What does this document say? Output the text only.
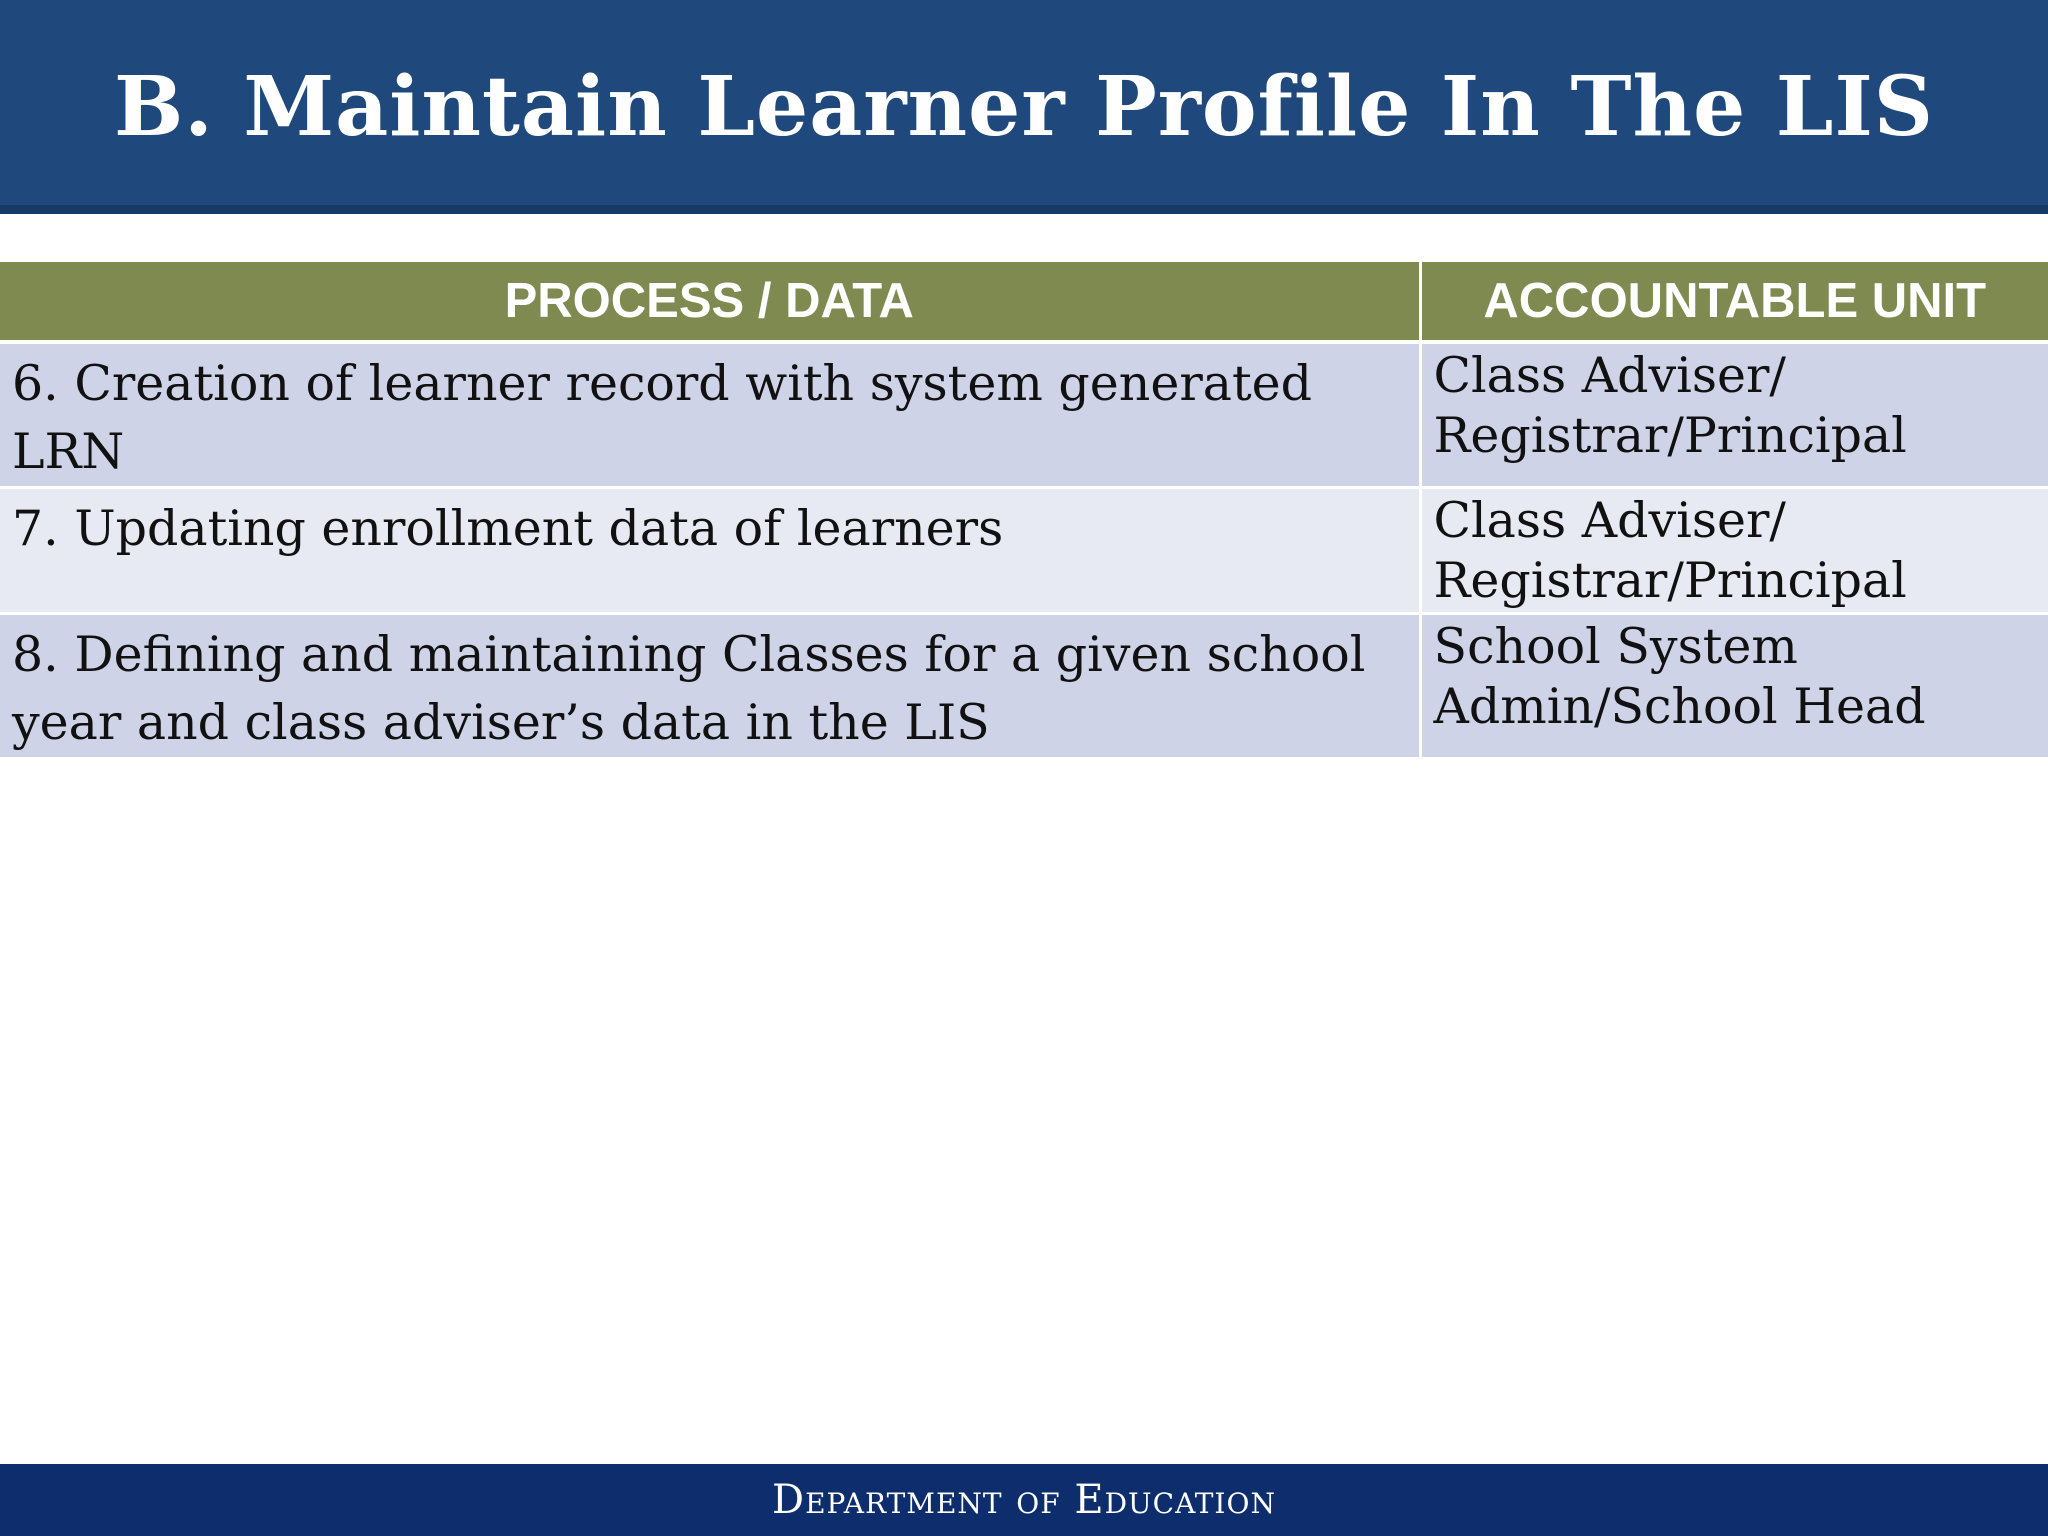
B. Maintain Learner Profile In The LIS
PROCESS / DATA	ACCOUNTABLE UNIT
6. Creation of learner record with system generated LRN	Class Adviser/ Registrar/Principal
7. Updating enrollment data of learners	Class Adviser/ Registrar/Principal
8. Defining and maintaining Classes for a given school year and class adviser’s data in the LIS	School System Admin/School Head
Department of Education
